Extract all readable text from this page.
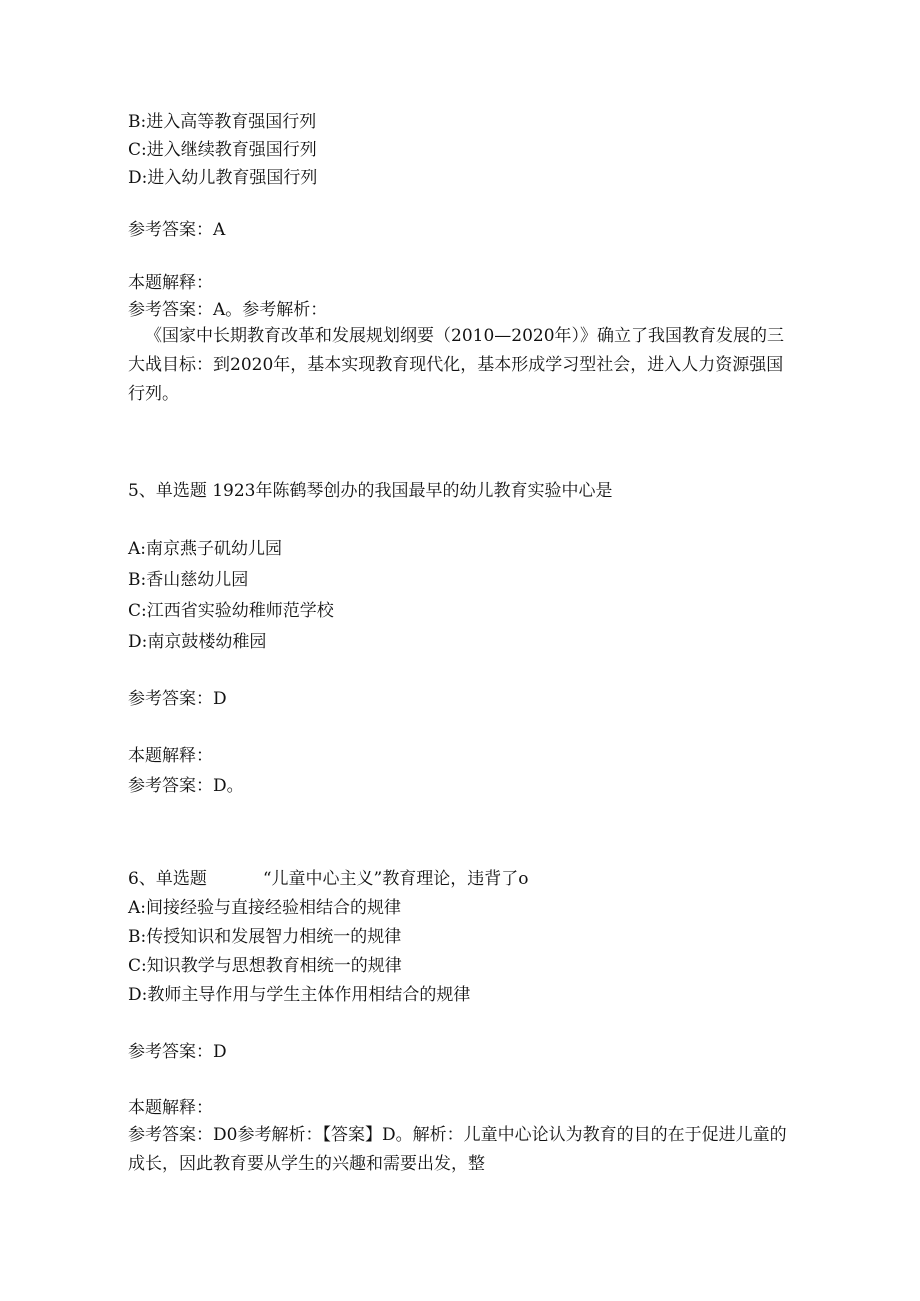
B:进入高等教育强国行列

C:进入继续教育强国行列

D:进入幼儿教育强国行列

参考答案：A

本题解释：

参考答案：A。参考解析：

《国家中长期教育改革和发展规划纲要（2010—2020年）》确立了我国教育发展的三大战目标：到2020年，基本实现教育现代化，基本形成学习型社会，进入人力资源强国行列。

5、单选题 1923年陈鹤琴创办的我国最早的幼儿教育实验中心是

A:南京燕子矶幼儿园

B:香山慈幼儿园

C:江西省实验幼稚师范学校

D:南京鼓楼幼稚园

参考答案：D

本题解释：

参考答案：D。

6、单选题	“儿童中心主义”教育理论，违背了o

A:间接经验与直接经验相结合的规律

B:传授知识和发展智力相统一的规律

C:知识教学与思想教育相统一的规律

D:教师主导作用与学生主体作用相结合的规律

参考答案：D

本题解释：

参考答案：D0参考解析：【答案】D。解析：儿童中心论认为教育的目的在于促进儿童的成长，因此教育要从学生的兴趣和需要出发，整
